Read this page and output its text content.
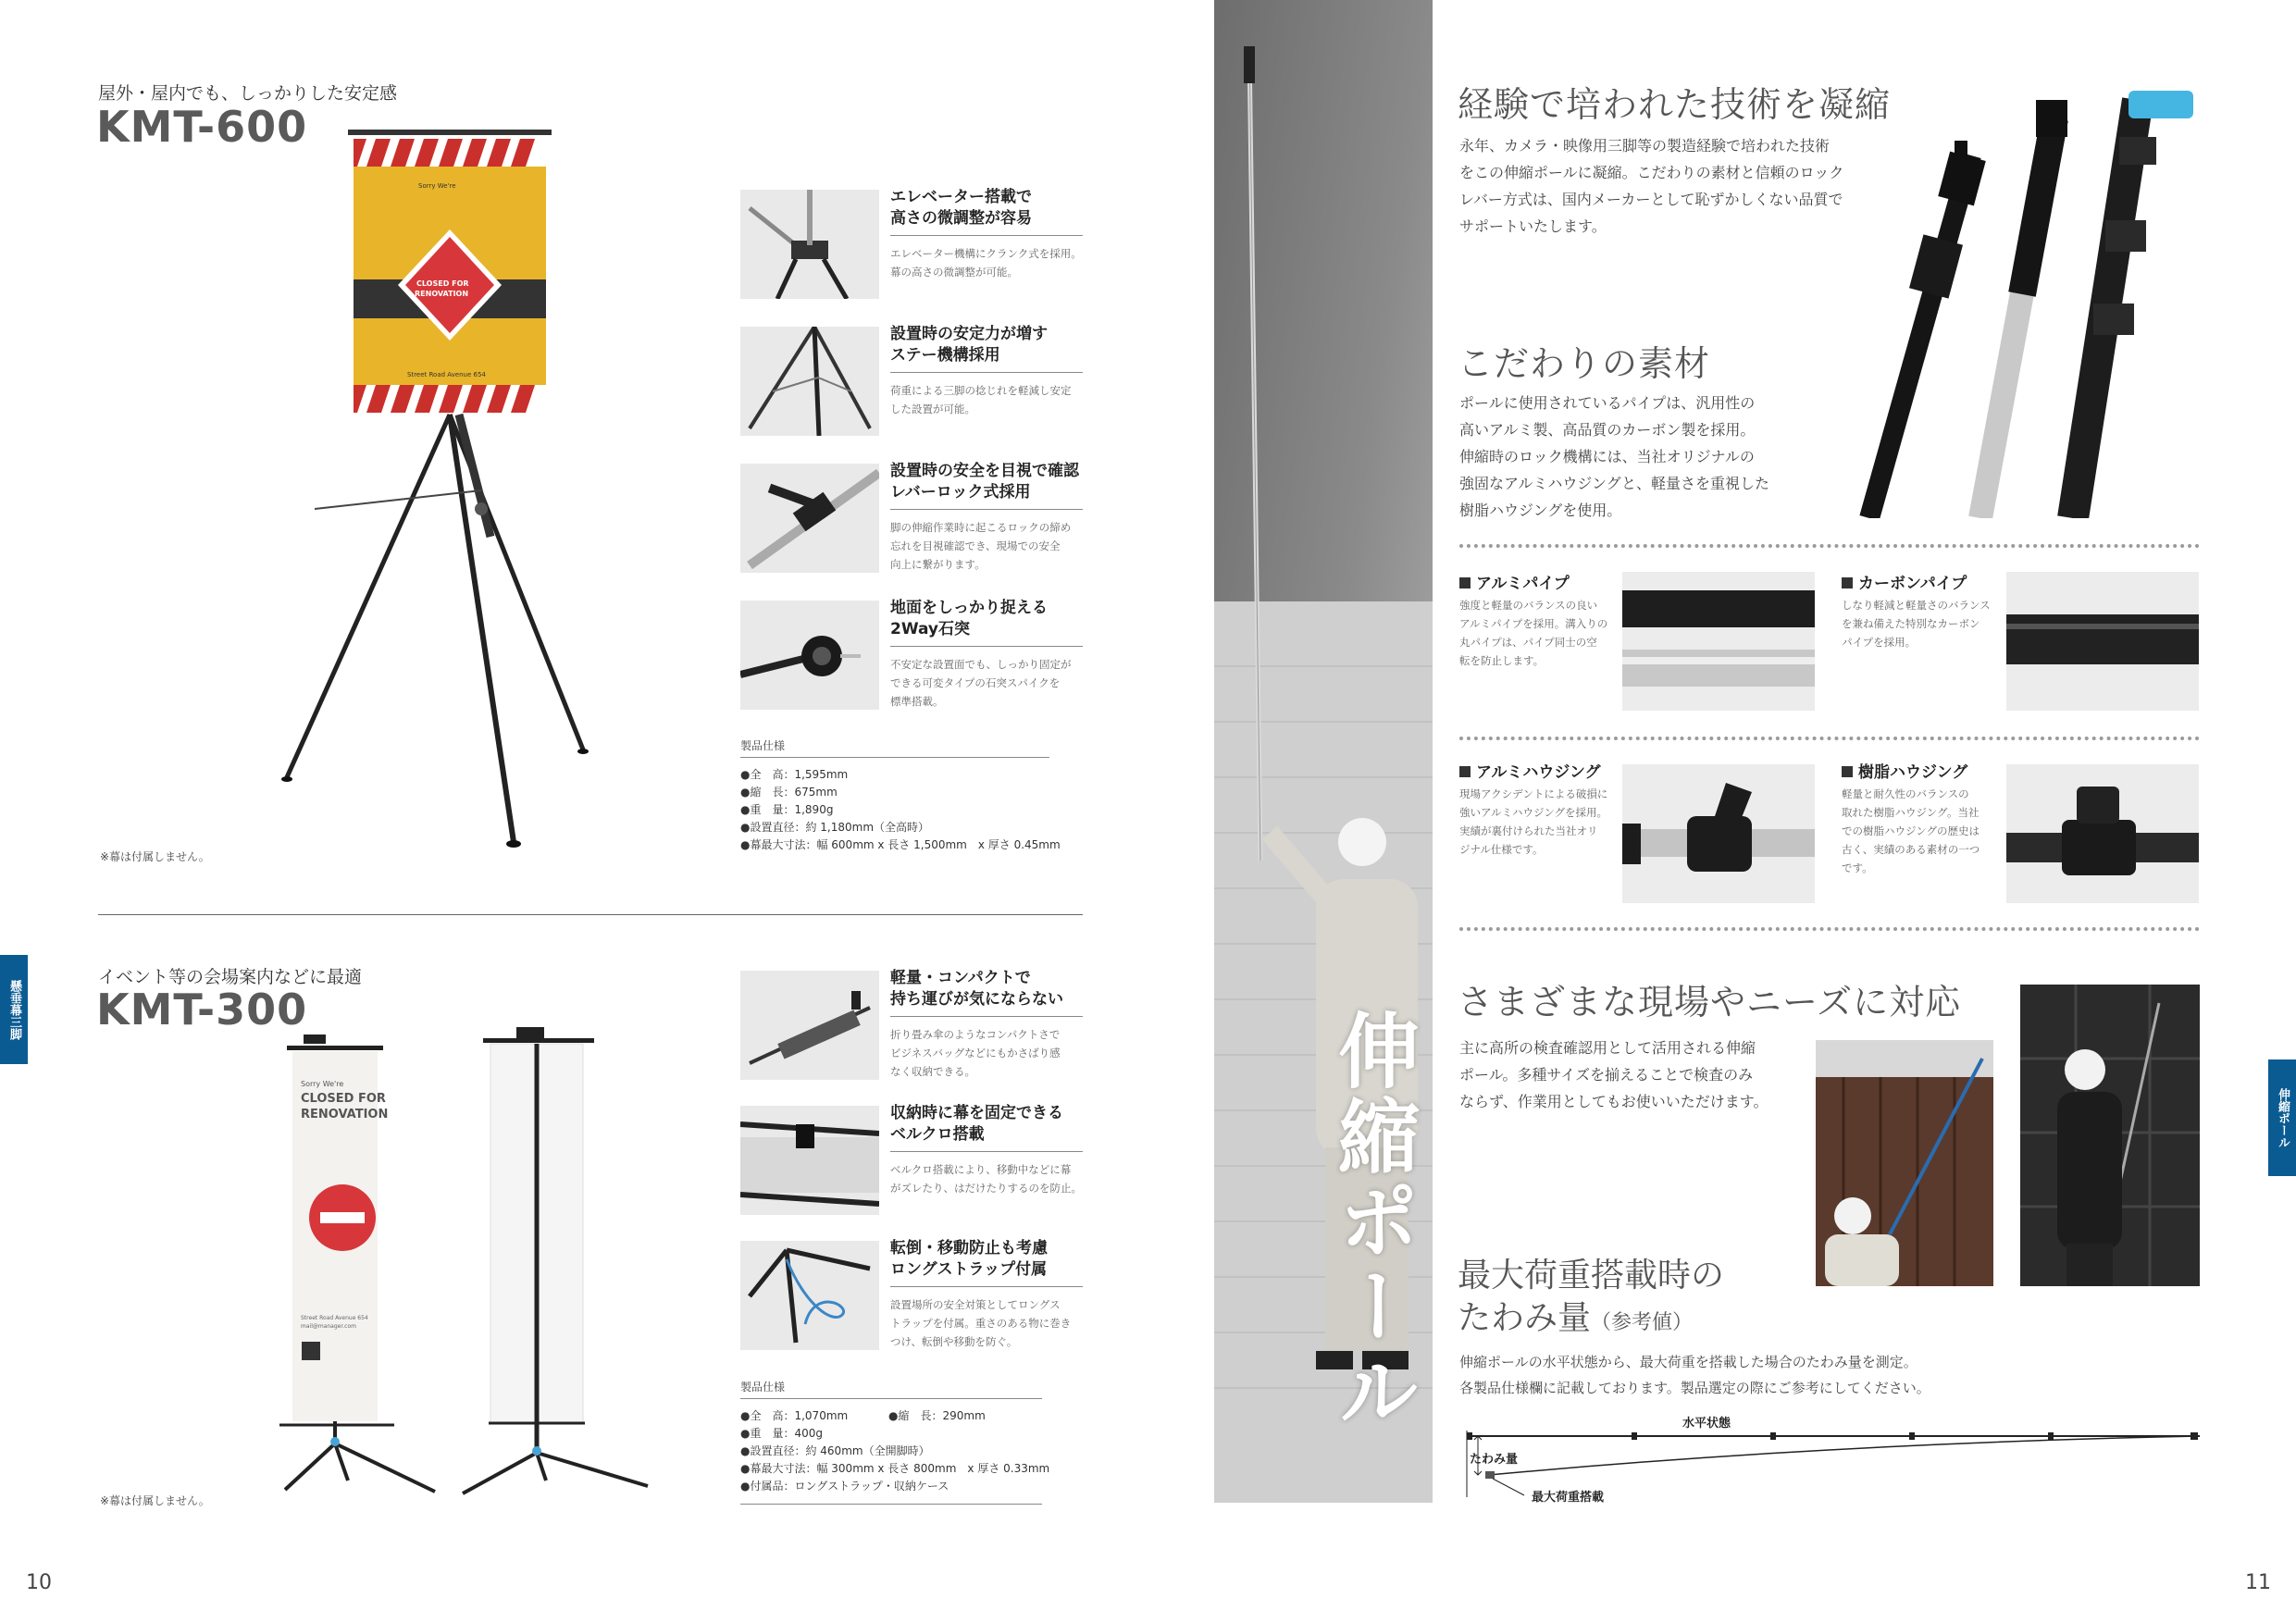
屋外・屋内でも、しっかりした安定感
KMT-600
Sorry We're
CLOSED FOR
RENOVATION
Street Road Avenue 654
※幕は付属しません。
エレベーター搭載で
高さの微調整が容易
エレベーター機構にクランク式を採用。
幕の高さの微調整が可能。
設置時の安定力が増す
ステー機構採用
荷重による三脚の捻じれを軽減し安定
した設置が可能。
設置時の安全を目視で確認
レバーロック式採用
脚の伸縮作業時に起こるロックの締め
忘れを目視確認でき、現場での安全
向上に繋がります。
地面をしっかり捉える
2Way石突
不安定な設置面でも、しっかり固定が
できる可変タイプの石突スパイクを
標準搭載。
製品仕様
●全　高：1,595mm
●縮　長：675mm
●重　量：1,890g
●設置直径：約 1,180mm（全高時）
●幕最大寸法：幅 600mm x 長さ 1,500mm　x 厚さ 0.45mm
イベント等の会場案内などに最適
KMT-300
Sorry We're
CLOSED FOR
RENOVATION
Street Road Avenue 654
mail@manager.com
※幕は付属しません。
軽量・コンパクトで
持ち運びが気にならない
折り畳み傘のようなコンパクトさで
ビジネスバッグなどにもかさばり感
なく収納できる。
収納時に幕を固定できる
ベルクロ搭載
ベルクロ搭載により、移動中などに幕
がズレたり、はだけたりするのを防止。
転倒・移動防止も考慮
ロングストラップ付属
設置場所の安全対策としてロングス
トラップを付属。重さのある物に巻き
つけ、転倒や移動を防ぐ。
製品仕様
●全　高：1,070mm	●縮　長：290mm
●重　量：400g
●設置直径：約 460mm（全開脚時）
●幕最大寸法：幅 300mm x 長さ 800mm　x 厚さ 0.33mm
●付属品：ロングストラップ・収納ケース
懸垂幕三脚
10
伸縮ポール
経験で培われた技術を凝縮
永年、カメラ・映像用三脚等の製造経験で培われた技術
をこの伸縮ポールに凝縮。こだわりの素材と信頼のロック
レバー方式は、国内メーカーとして恥ずかしくない品質で
サポートいたします。
こだわりの素材
ポールに使用されているパイプは、汎用性の
高いアルミ製、高品質のカーボン製を採用。
伸縮時のロック機構には、当社オリジナルの
強固なアルミハウジングと、軽量さを重視した
樹脂ハウジングを使用。
アルミパイプ
強度と軽量のバランスの良い
アルミパイプを採用。溝入りの
丸パイプは、パイプ同士の空
転を防止します。
カーボンパイプ
しなり軽減と軽量さのバランス
を兼ね備えた特別なカーボン
パイプを採用。
アルミハウジング
現場アクシデントによる破損に
強いアルミハウジングを採用。
実績が裏付けられた当社オリ
ジナル仕様です。
樹脂ハウジング
軽量と耐久性のバランスの
取れた樹脂ハウジング。当社
での樹脂ハウジングの歴史は
古く、実績のある素材の一つ
です。
さまざまな現場やニーズに対応
主に高所の検査確認用として活用される伸縮
ポール。多種サイズを揃えることで検査のみ
ならず、作業用としてもお使いいただけます。
最大荷重搭載時の
たわみ量（参考値）
伸縮ポールの水平状態から、最大荷重を搭載した場合のたわみ量を測定。
各製品仕様欄に記載しております。製品選定の際にご参考にしてください。
水平状態
たわみ量
最大荷重搭載
伸縮ポール
11
